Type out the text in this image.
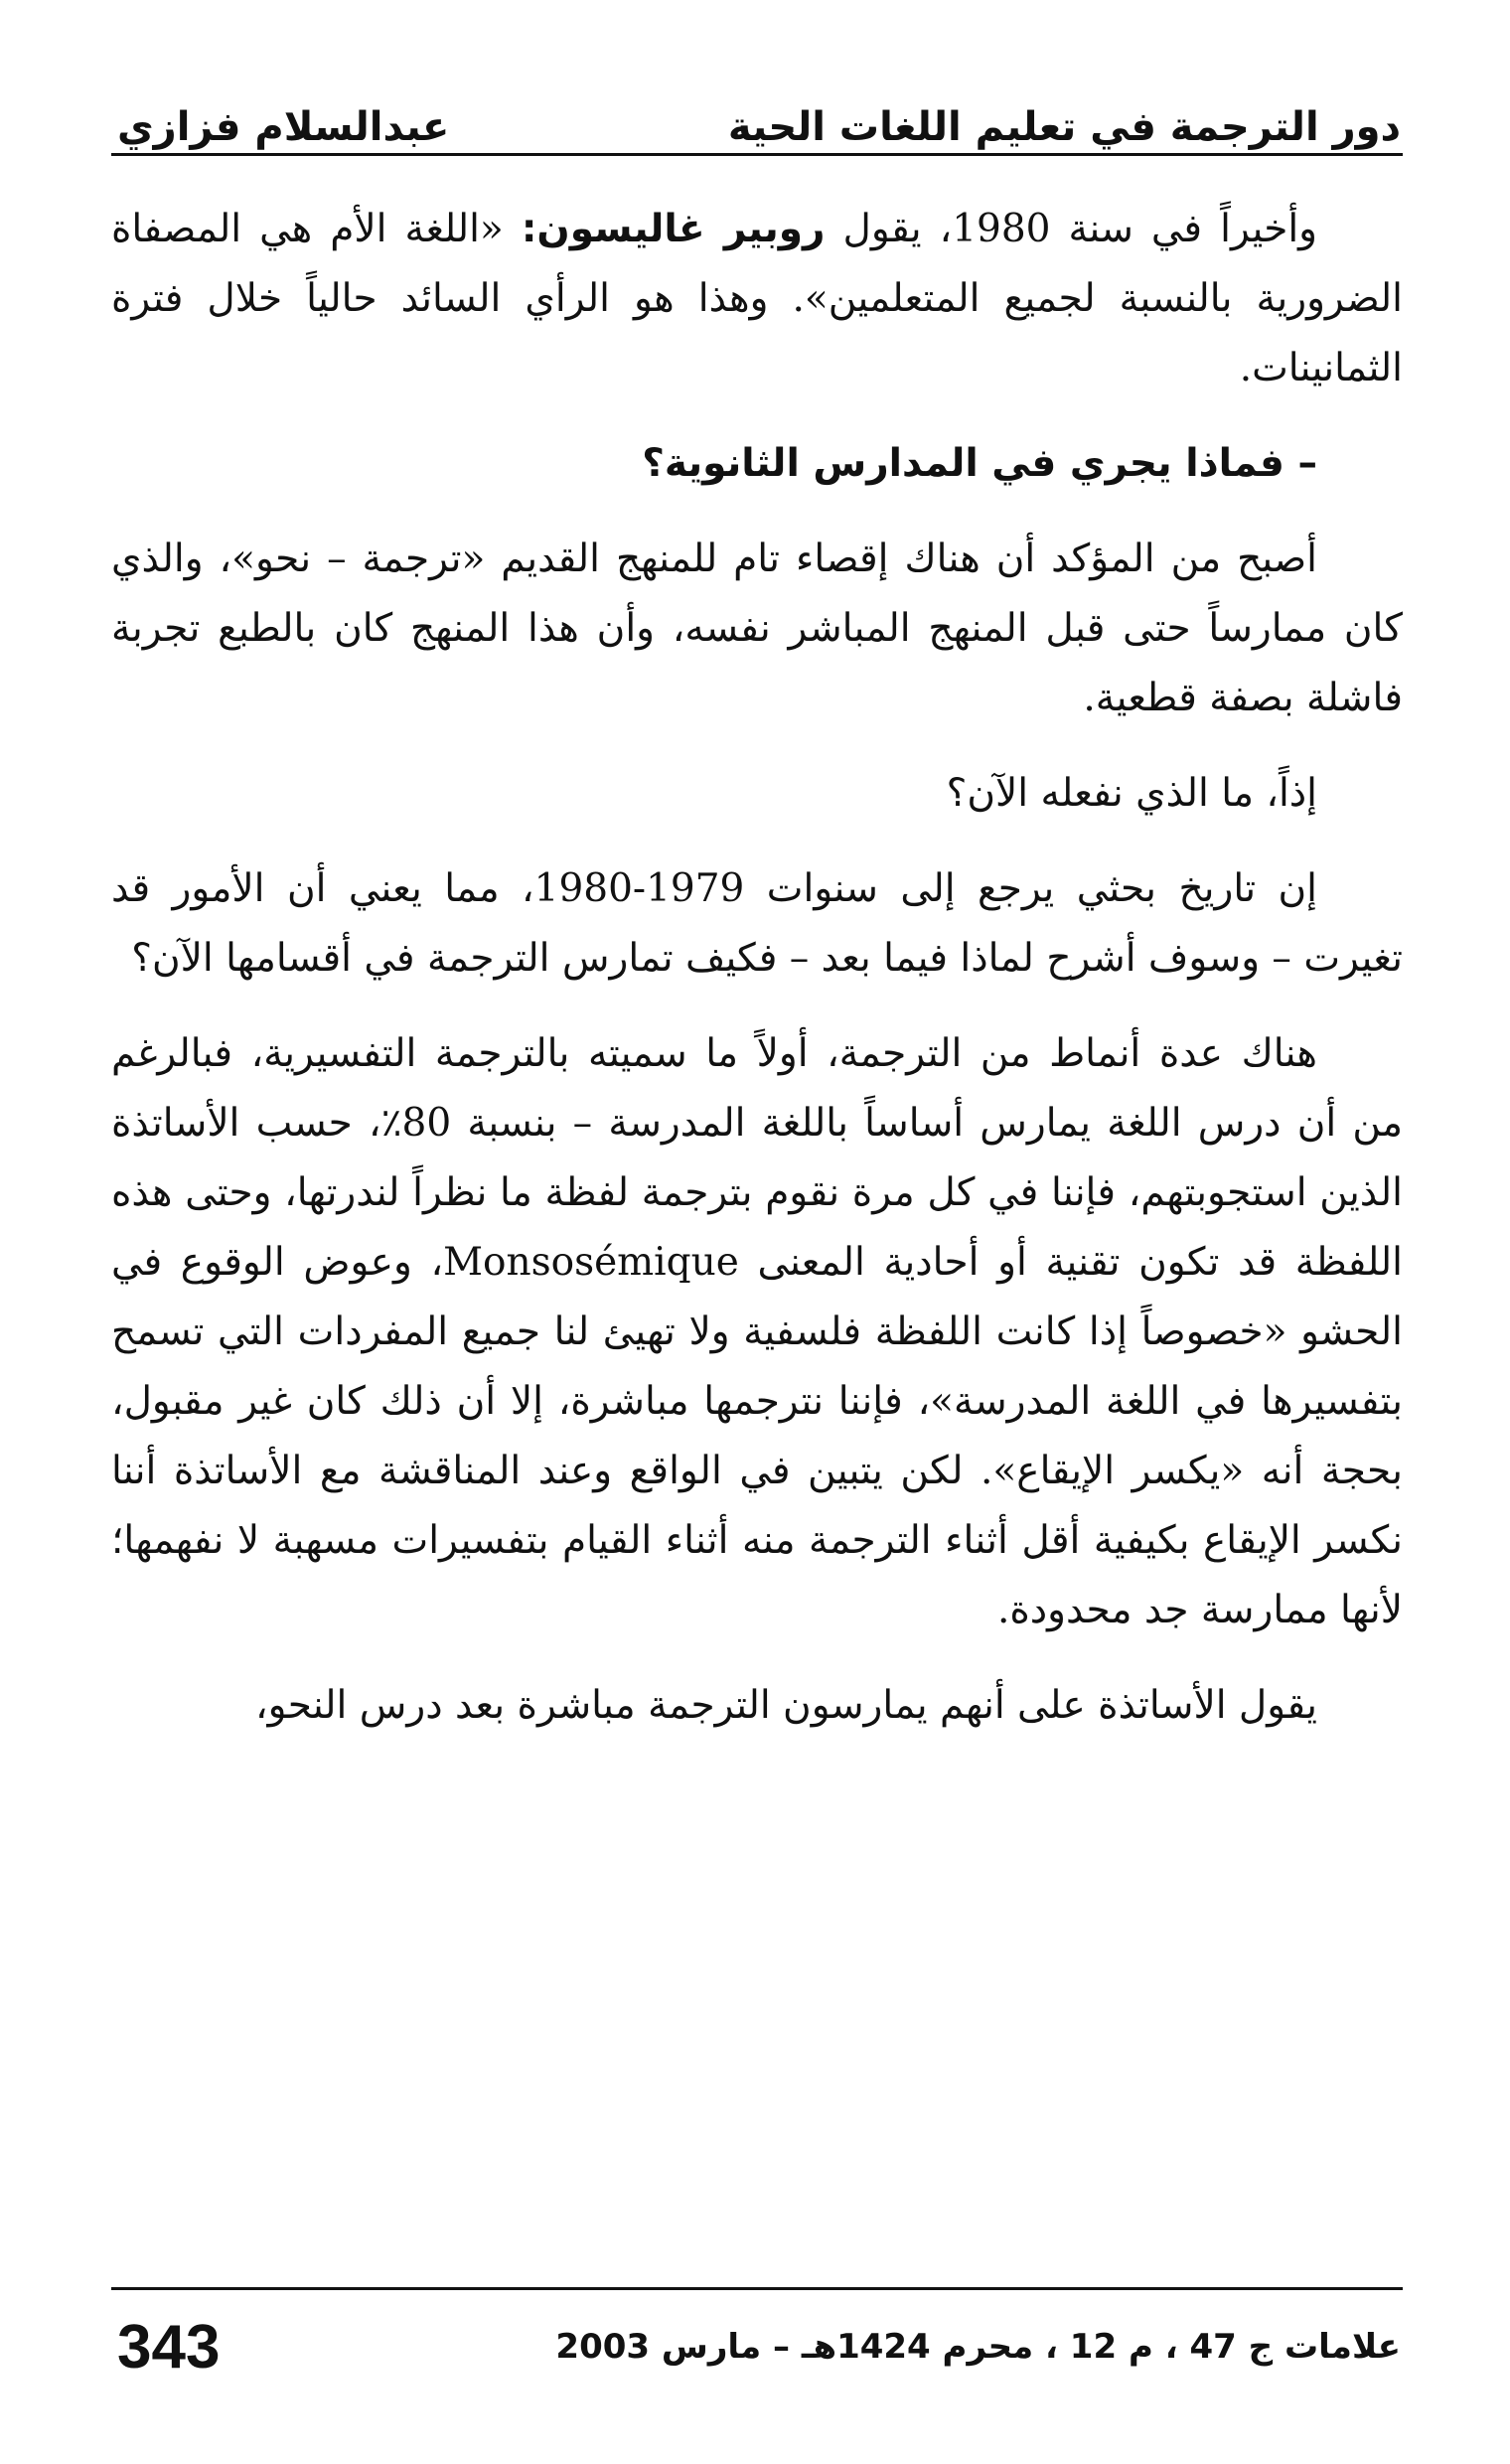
دور الترجمة في تعليم اللغات الحية
عبدالسلام فزازي

وأخيراً في سنة 1980، يقول روبير غاليسون: «اللغة الأم هي المصفاة الضرورية بالنسبة لجميع المتعلمين». وهذا هو الرأي السائد حالياً خلال فترة الثمانينات.

– فماذا يجري في المدارس الثانوية؟

أصبح من المؤكد أن هناك إقصاء تام للمنهج القديم «ترجمة – نحو»، والذي كان ممارساً حتى قبل المنهج المباشر نفسه، وأن هذا المنهج كان بالطبع تجربة فاشلة بصفة قطعية.

إذاً، ما الذي نفعله الآن؟

إن تاريخ بحثي يرجع إلى سنوات 1979-1980، مما يعني أن الأمور قد تغيرت – وسوف أشرح لماذا فيما بعد – فكيف تمارس الترجمة في أقسامها الآن؟

هناك عدة أنماط من الترجمة، أولاً ما سميته بالترجمة التفسيرية، فبالرغم من أن درس اللغة يمارس أساساً باللغة المدرسة – بنسبة 80٪، حسب الأساتذة الذين استجوبتهم، فإننا في كل مرة نقوم بترجمة لفظة ما نظراً لندرتها، وحتى هذه اللفظة قد تكون تقنية أو أحادية المعنى Monsosémique، وعوض الوقوع في الحشو «خصوصاً إذا كانت اللفظة فلسفية ولا تهيئ لنا جميع المفردات التي تسمح بتفسيرها في اللغة المدرسة»، فإننا نترجمها مباشرة، إلا أن ذلك كان غير مقبول، بحجة أنه «يكسر الإيقاع». لكن يتبين في الواقع وعند المناقشة مع الأساتذة أننا نكسر الإيقاع بكيفية أقل أثناء الترجمة منه أثناء القيام بتفسيرات مسهبة لا نفهمها؛ لأنها ممارسة جد محدودة.

يقول الأساتذة على أنهم يمارسون الترجمة مباشرة بعد درس النحو،

علامات ج 47 ، م 12 ، محرم 1424هـ – مارس 2003
343
